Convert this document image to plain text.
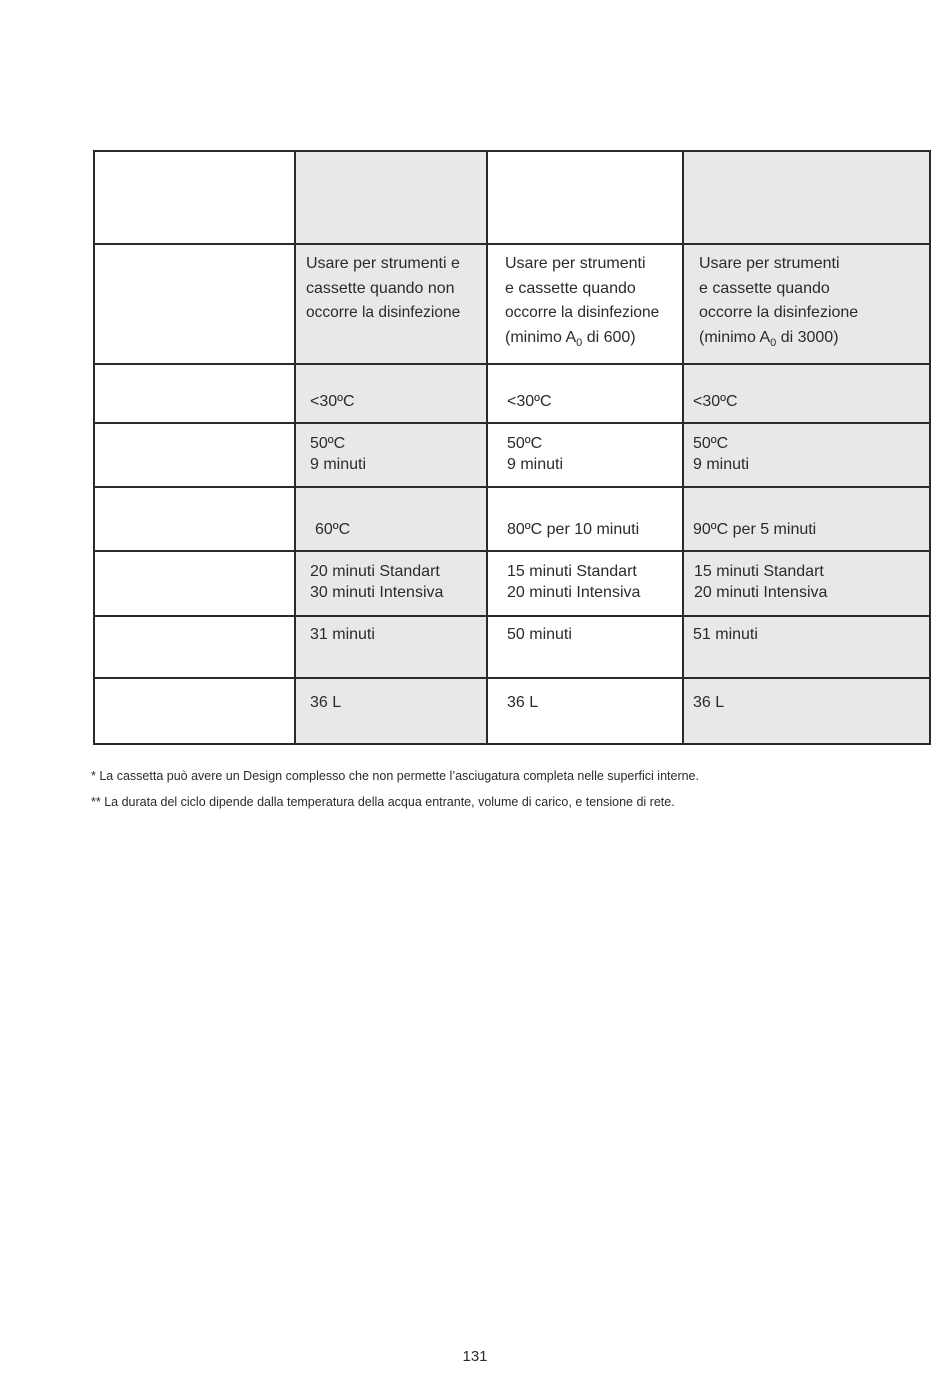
	Usare per strumenti e
cassette quando non
occorre la disinfezione	Usare per strumenti
e cassette quando
occorre la disinfezione
(minimo $A_0$ di 600)	Usare per strumenti
e cassette quando
occorre la disinfezione
(minimo $A_0$ di 3000)

	<30ºC	<30ºC	<30ºC

	50ºC
9 minuti	50ºC
9 minuti	50ºC
9 minuti

	60ºC	80ºC per 10 minuti	90ºC per 5 minuti

	20 minuti Standart
30 minuti Intensiva	15 minuti Standart
20 minuti Intensiva	15 minuti Standart
20 minuti Intensiva

	31 minuti	50 minuti	51 minuti

	36 L	36 L	36 L
* La cassetta può avere un Design complesso che non permette l’asciugatura completa nelle superfici interne.
** La durata del ciclo dipende dalla temperatura della acqua entrante, volume di carico, e tensione di rete.
131
